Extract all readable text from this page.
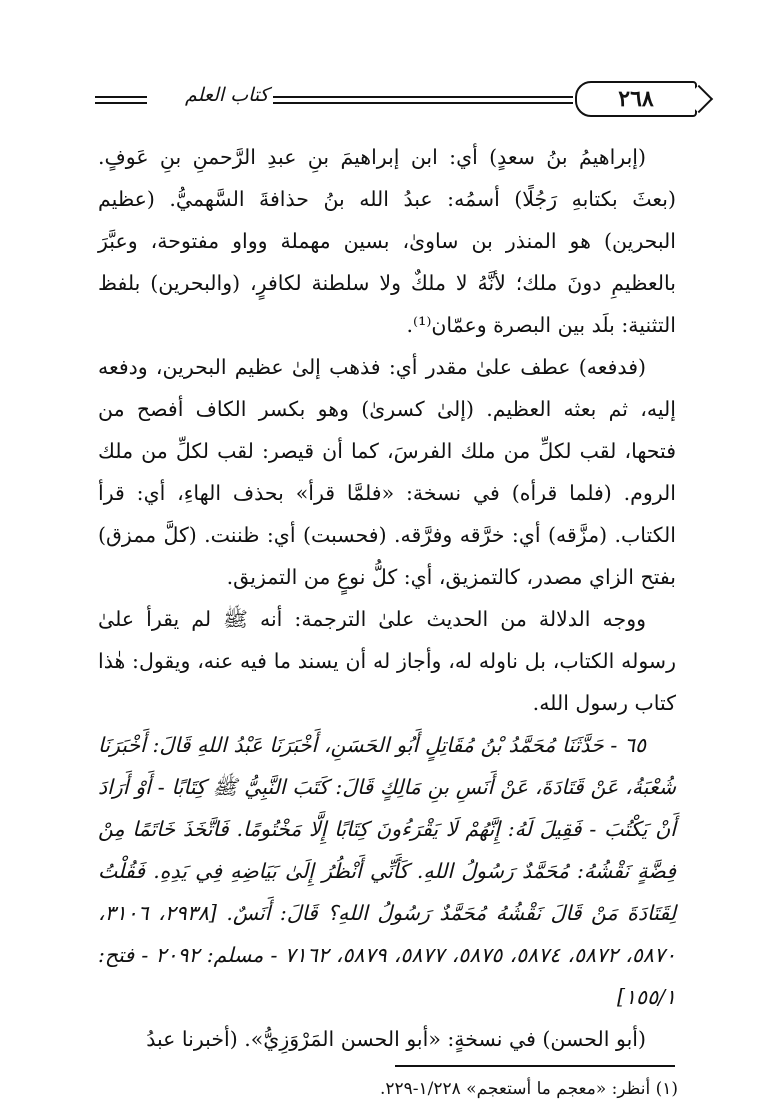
كتاب العلم	٢٦٨

(إبراهيمُ بنُ سعدٍ) أي: ابن إبراهيمَ بنِ عبدِ الرَّحمنِ بنِ عَوفٍ. (بعثَ بكتابهِ رَجُلًا) أسمُه: عبدُ الله بنُ حذافةَ السَّهميُّ. (عظيم البحرين) هو المنذر بن ساوىٰ، بسين مهملة وواو مفتوحة، وعبَّرَ بالعظيمِ دونَ ملك؛ لأنَّهُ لا ملكٌ ولا سلطنة لكافرٍ، (والبحرين) بلفظ التثنية: بلَد بين البصرة وعمّان⁽¹⁾.

(فدفعه) عطف علىٰ مقدر أي: فذهب إلىٰ عظيم البحرين، ودفعه إليه، ثم بعثه العظيم. (إلىٰ كسرىٰ) وهو بكسر الكاف أفصح من فتحها، لقب لكلِّ من ملك الفرسَ، كما أن قيصر: لقب لكلِّ من ملك الروم. (فلما قرأه) في نسخة: «فلمَّا قرأ» بحذف الهاءِ، أي: قرأ الكتاب. (مزَّقه) أي: خرَّقه وفرَّقه. (فحسبت) أي: ظننت. (كلَّ ممزق) بفتح الزاي مصدر، كالتمزيق، أي: كلُّ نوعٍ من التمزيق.

ووجه الدلالة من الحديث علىٰ الترجمة: أنه ﷺ لم يقرأ علىٰ رسوله الكتاب، بل ناوله له، وأجاز له أن يسند ما فيه عنه، ويقول: هٰذا كتاب رسول الله.

٦٥ - حَدَّثَنَا مُحَمَّدُ بْنُ مُقَاتِلٍ أَبُو الحَسَنِ، أَخْبَرَنَا عَبْدُ اللهِ قَالَ: أَخْبَرَنَا شُعْبَةُ، عَنْ قَتَادَةَ، عَنْ أَنَسِ بنِ مَالِكٍ قَالَ: كَتَبَ النَّبِيُّ ﷺ كِتَابًا - أَوْ أَرَادَ أَنْ يَكْتُبَ - فَقِيلَ لَهُ: إِنَّهُمْ لَا يَقْرَءُونَ كِتَابًا إِلَّا مَخْتُومًا. فَاتَّخَذَ خَاتَمًا مِنْ فِضَّةٍ نَقْشُهُ: مُحَمَّدٌ رَسُولُ اللهِ. كَأَنِّي أَنْظُرُ إِلَىٰ بَيَاضِهِ فِي يَدِهِ. فَقُلْتُ لِقَتَادَةَ مَنْ قَالَ نَقْشُهُ مُحَمَّدٌ رَسُولُ اللهِ؟ قَالَ: أَنَسٌ. [٢٩٣٨، ٣١٠٦، ٥٨٧٠، ٥٨٧٢، ٥٨٧٤، ٥٨٧٥، ٥٨٧٧، ٥٨٧٩، ٧١٦٢ - مسلم: ٢٠٩٢ - فتح: ١٥٥/١]

(أبو الحسن) في نسخةٍ: «أبو الحسن المَرْوَزِيُّ». (أخبرنا عبدُ

(١) أنظر: «معجم ما أستعجم» ١/٢٢٨-٢٢٩.
